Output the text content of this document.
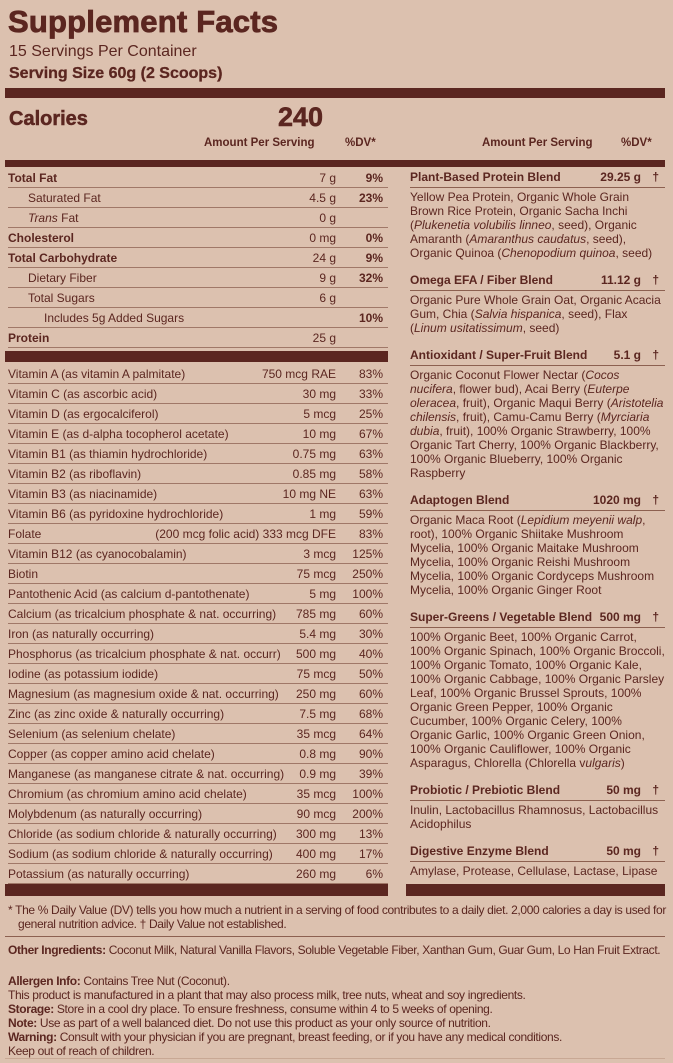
Supplement Facts
15 Servings Per Container
Serving Size 60g (2 Scoops)
Calories	240
Amount Per Serving	%DV*	Amount Per Serving %DV*
Total Fat	7 g 9%
Saturated Fat	4.5 g 23%
Trans Fat	0 g
Cholesterol	0 mg 0%
Total Carbohydrate	24 g 9%
Dietary Fiber	9 g 32%
Total Sugars	6 g
Includes 5g Added Sugars	10%
Protein	25 g
Vitamin A (as vitamin A palmitate)	750 mcg RAE 83%
Vitamin C (as ascorbic acid)	30 mg 33%
Vitamin D (as ergocalciferol)	5 mcg 25%
Vitamin E (as d-alpha tocopherol acetate)	10 mg 67%
Vitamin B1 (as thiamin hydrochloride)	0.75 mg 63%
Vitamin B2 (as riboflavin)	0.85 mg 58%
Vitamin B3 (as niacinamide)	10 mg NE 63%
Vitamin B6 (as pyridoxine hydrochloride)	1 mg 59%
Folate	(200 mcg folic acid) 333 mcg DFE 83%
Vitamin B12 (as cyanocobalamin)	3 mcg 125%
Biotin	75 mcg 250%
Pantothenic Acid (as calcium d-pantothenate)	5 mg 100%
Calcium (as tricalcium phosphate & nat. occurring) 785 mg 60%
Iron (as naturally occurring)	5.4 mg 30%
Phosphorus (as tricalcium phosphate & nat. occurr) 500 mg 40%
Iodine (as potassium iodide)	75 mcg 50%
Magnesium (as magnesium oxide & nat. occurring) 250 mg 60%
Zinc (as zinc oxide & naturally occurring)	7.5 mg 68%
Selenium (as selenium chelate)	35 mcg 64%
Copper (as copper amino acid chelate)	0.8 mg 90%
Manganese (as manganese citrate & nat. occurring) 0.9 mg 39%
Chromium (as chromium amino acid chelate)	35 mcg 100%
Molybdenum (as naturally occurring)	90 mcg 200%
Chloride (as sodium chloride & naturally occurring) 300 mg 13%
Sodium (as sodium chloride & naturally occurring) 400 mg 17%
Potassium (as naturally occurring)	260 mg 6%
Plant-Based Protein Blend	29.25 g †
Yellow Pea Protein, Organic Whole Grain Brown Rice Protein, Organic Sacha Inchi (Plukenetia volubilis linneo, seed), Organic Amaranth (Amaranthus caudatus, seed), Organic Quinoa (Chenopodium quinoa, seed)
Omega EFA / Fiber Blend	11.12 g †
Organic Pure Whole Grain Oat, Organic Acacia Gum, Chia (Salvia hispanica, seed), Flax (Linum usitatissimum, seed)
Antioxidant / Super-Fruit Blend 5.1 g †
Organic Coconut Flower Nectar (Cocos nucifera, flower bud), Acai Berry (Euterpe oleracea, fruit), Organic Maqui Berry (Aristotelia chilensis, fruit), Camu-Camu Berry (Myrciaria dubia, fruit), 100% Organic Strawberry, 100% Organic Tart Cherry, 100% Organic Blackberry, 100% Organic Blueberry, 100% Organic Raspberry
Adaptogen Blend	1020 mg †
Organic Maca Root (Lepidium meyenii walp, root), 100% Organic Shiitake Mushroom Mycelia, 100% Organic Maitake Mushroom Mycelia, 100% Organic Reishi Mushroom Mycelia, 100% Organic Cordyceps Mushroom Mycelia, 100% Organic Ginger Root
Super-Greens / Vegetable Blend 500 mg †
100% Organic Beet, 100% Organic Carrot, 100% Organic Spinach, 100% Organic Broccoli, 100% Organic Tomato, 100% Organic Kale, 100% Organic Cabbage, 100% Organic Parsley Leaf, 100% Organic Brussel Sprouts, 100% Organic Green Pepper, 100% Organic Cucumber, 100% Organic Celery, 100% Organic Garlic, 100% Organic Green Onion, 100% Organic Cauliflower, 100% Organic Asparagus, Chlorella (Chlorella vulgaris)
Probiotic / Prebiotic Blend	50 mg †
Inulin, Lactobacillus Rhamnosus, Lactobacillus Acidophilus
Digestive Enzyme Blend	50 mg †
Amylase, Protease, Cellulase, Lactase, Lipase
* The % Daily Value (DV) tells you how much a nutrient in a serving of food contributes to a daily diet. 2,000 calories a day is used for general nutrition advice. † Daily Value not established.
Other Ingredients: Coconut Milk, Natural Vanilla Flavors, Soluble Vegetable Fiber, Xanthan Gum, Guar Gum, Lo Han Fruit Extract.
Allergen Info: Contains Tree Nut (Coconut).
This product is manufactured in a plant that may also process milk, tree nuts, wheat and soy ingredients.
Storage: Store in a cool dry place. To ensure freshness, consume within 4 to 5 weeks of opening.
Note: Use as part of a well balanced diet. Do not use this product as your only source of nutrition.
Warning: Consult with your physician if you are pregnant, breast feeding, or if you have any medical conditions.
Keep out of reach of children.
